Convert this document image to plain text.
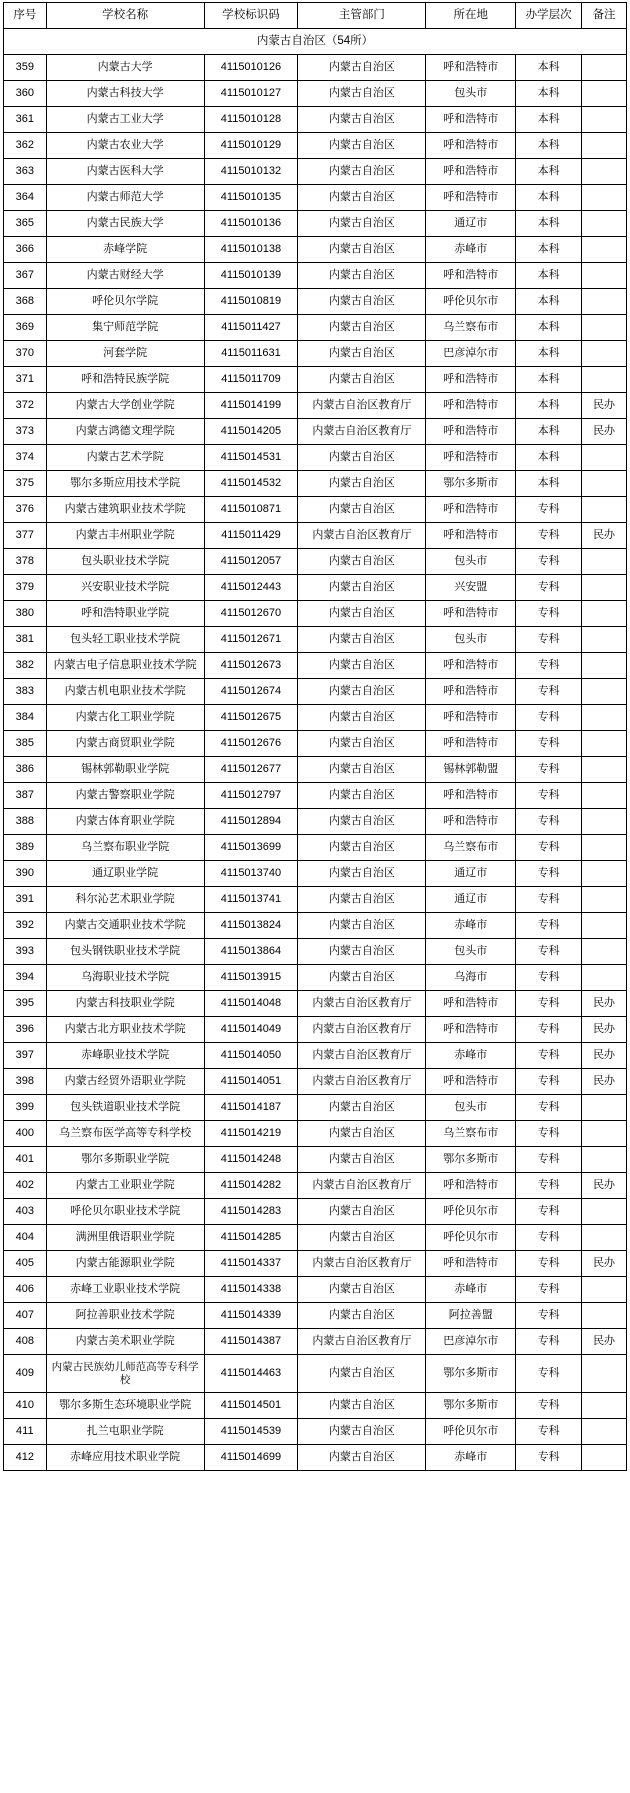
序号	学校名称	学校标识码	主管部门	所在地	办学层次	备注
内蒙古自治区（54所）						
359	内蒙古大学	4115010126	内蒙古自治区	呼和浩特市	本科	
360	内蒙古科技大学	4115010127	内蒙古自治区	包头市	本科	
361	内蒙古工业大学	4115010128	内蒙古自治区	呼和浩特市	本科	
362	内蒙古农业大学	4115010129	内蒙古自治区	呼和浩特市	本科	
363	内蒙古医科大学	4115010132	内蒙古自治区	呼和浩特市	本科	
364	内蒙古师范大学	4115010135	内蒙古自治区	呼和浩特市	本科	
365	内蒙古民族大学	4115010136	内蒙古自治区	通辽市	本科	
366	赤峰学院	4115010138	内蒙古自治区	赤峰市	本科	
367	内蒙古财经大学	4115010139	内蒙古自治区	呼和浩特市	本科	
368	呼伦贝尔学院	4115010819	内蒙古自治区	呼伦贝尔市	本科	
369	集宁师范学院	4115011427	内蒙古自治区	乌兰察布市	本科	
370	河套学院	4115011631	内蒙古自治区	巴彦淖尔市	本科	
371	呼和浩特民族学院	4115011709	内蒙古自治区	呼和浩特市	本科	
372	内蒙古大学创业学院	4115014199	内蒙古自治区教育厅	呼和浩特市	本科	民办
373	内蒙古鸿德文理学院	4115014205	内蒙古自治区教育厅	呼和浩特市	本科	民办
374	内蒙古艺术学院	4115014531	内蒙古自治区	呼和浩特市	本科	
375	鄂尔多斯应用技术学院	4115014532	内蒙古自治区	鄂尔多斯市	本科	
376	内蒙古建筑职业技术学院	4115010871	内蒙古自治区	呼和浩特市	专科	
377	内蒙古丰州职业学院	4115011429	内蒙古自治区教育厅	呼和浩特市	专科	民办
378	包头职业技术学院	4115012057	内蒙古自治区	包头市	专科	
379	兴安职业技术学院	4115012443	内蒙古自治区	兴安盟	专科	
380	呼和浩特职业学院	4115012670	内蒙古自治区	呼和浩特市	专科	
381	包头轻工职业技术学院	4115012671	内蒙古自治区	包头市	专科	
382	内蒙古电子信息职业技术学院	4115012673	内蒙古自治区	呼和浩特市	专科	
383	内蒙古机电职业技术学院	4115012674	内蒙古自治区	呼和浩特市	专科	
384	内蒙古化工职业学院	4115012675	内蒙古自治区	呼和浩特市	专科	
385	内蒙古商贸职业学院	4115012676	内蒙古自治区	呼和浩特市	专科	
386	锡林郭勒职业学院	4115012677	内蒙古自治区	锡林郭勒盟	专科	
387	内蒙古警察职业学院	4115012797	内蒙古自治区	呼和浩特市	专科	
388	内蒙古体育职业学院	4115012894	内蒙古自治区	呼和浩特市	专科	
389	乌兰察布职业学院	4115013699	内蒙古自治区	乌兰察布市	专科	
390	通辽职业学院	4115013740	内蒙古自治区	通辽市	专科	
391	科尔沁艺术职业学院	4115013741	内蒙古自治区	通辽市	专科	
392	内蒙古交通职业技术学院	4115013824	内蒙古自治区	赤峰市	专科	
393	包头钢铁职业技术学院	4115013864	内蒙古自治区	包头市	专科	
394	乌海职业技术学院	4115013915	内蒙古自治区	乌海市	专科	
395	内蒙古科技职业学院	4115014048	内蒙古自治区教育厅	呼和浩特市	专科	民办
396	内蒙古北方职业技术学院	4115014049	内蒙古自治区教育厅	呼和浩特市	专科	民办
397	赤峰职业技术学院	4115014050	内蒙古自治区教育厅	赤峰市	专科	民办
398	内蒙古经贸外语职业学院	4115014051	内蒙古自治区教育厅	呼和浩特市	专科	民办
399	包头铁道职业技术学院	4115014187	内蒙古自治区	包头市	专科	
400	乌兰察布医学高等专科学校	4115014219	内蒙古自治区	乌兰察布市	专科	
401	鄂尔多斯职业学院	4115014248	内蒙古自治区	鄂尔多斯市	专科	
402	内蒙古工业职业学院	4115014282	内蒙古自治区教育厅	呼和浩特市	专科	民办
403	呼伦贝尔职业技术学院	4115014283	内蒙古自治区	呼伦贝尔市	专科	
404	满洲里俄语职业学院	4115014285	内蒙古自治区	呼伦贝尔市	专科	
405	内蒙古能源职业学院	4115014337	内蒙古自治区教育厅	呼和浩特市	专科	民办
406	赤峰工业职业技术学院	4115014338	内蒙古自治区	赤峰市	专科	
407	阿拉善职业技术学院	4115014339	内蒙古自治区	阿拉善盟	专科	
408	内蒙古美术职业学院	4115014387	内蒙古自治区教育厅	巴彦淖尔市	专科	民办
409	内蒙古民族幼儿师范高等专科学校	4115014463	内蒙古自治区	鄂尔多斯市	专科	
410	鄂尔多斯生态环境职业学院	4115014501	内蒙古自治区	鄂尔多斯市	专科	
411	扎兰屯职业学院	4115014539	内蒙古自治区	呼伦贝尔市	专科	
412	赤峰应用技术职业学院	4115014699	内蒙古自治区	赤峰市	专科	
